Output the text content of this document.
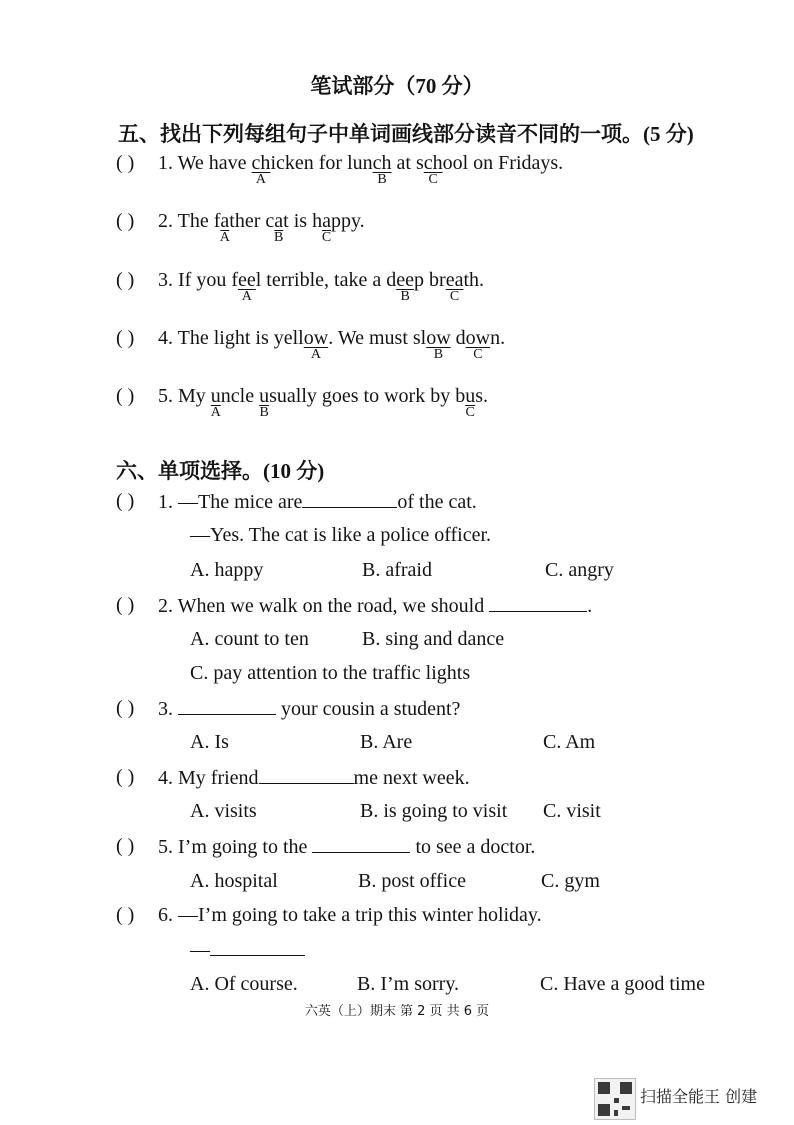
笔试部分（70 分）
五、找出下列每组句子中单词画线部分读音不同的一项。(5 分)
( ) 1. We have ch
A
icken for lunch
B
at sch
C
ool on Fridays.
( ) 2. The fa
A
ther ca
B
t is ha
C
ppy.
( ) 3. If you fee
A
l terrible, take a dee
B
p brea
C
th.
( ) 4. The light is yellow
A
. We must slow
B
dow
C
n.
( ) 5. My u
A
ncle u
B
sually goes to work by bu
C
s.
六、单项选择。(10 分)
( ) 1. —The mice are	of the cat.
—Yes. The cat is like a police officer.
A. happy	B. afraid	C. angry
( ) 2. When we walk on the road, we should	.
A. count to ten	B. sing and dance
C. pay attention to the traffic lights
( ) 3.	your cousin a student?
A. Is	B. Are	C. Am
( ) 4. My friend	me next week.
A. visits	B. is going to visit C. visit
( ) 5. I’m going to the	to see a doctor.
A. hospital	B. post office	C. gym
( ) 6. —I’m going to take a trip this winter holiday.
—
A. Of course.	B. I’m sorry.	C. Have a good time
六英（上）期末 第 2 页 共 6 页
扫描全能王 创建
